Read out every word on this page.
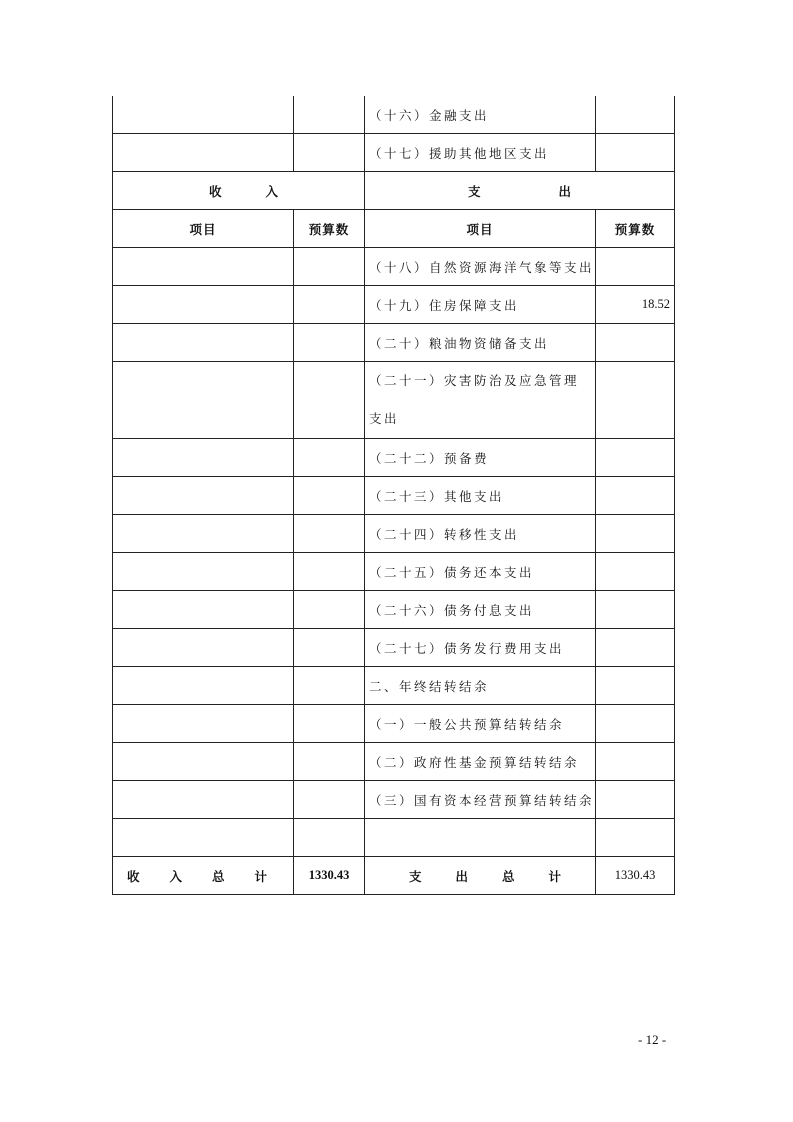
		（十六）金融支出	
		（十七）援助其他地区支出	

收 入		支 出	

项目	预算数	项目	预算数
		（十八）自然资源海洋气象等支出	
		（十九）住房保障支出	18.52
		（二十）粮油物资储备支出	
		（二十一）灾害防治及应急管理支出	
		（二十二）预备费	
		（二十三）其他支出	
		（二十四）转移性支出	
		（二十五）债务还本支出	
		（二十六）债务付息支出	
		（二十七）债务发行费用支出	
		二、年终结转结余	
		（一）一般公共预算结转结余	
		（二）政府性基金预算结转结余	
		（三）国有资本经营预算结转结余	

收 入 总 计	1330.43	支 出 总 计	1330.43
- 12 -
